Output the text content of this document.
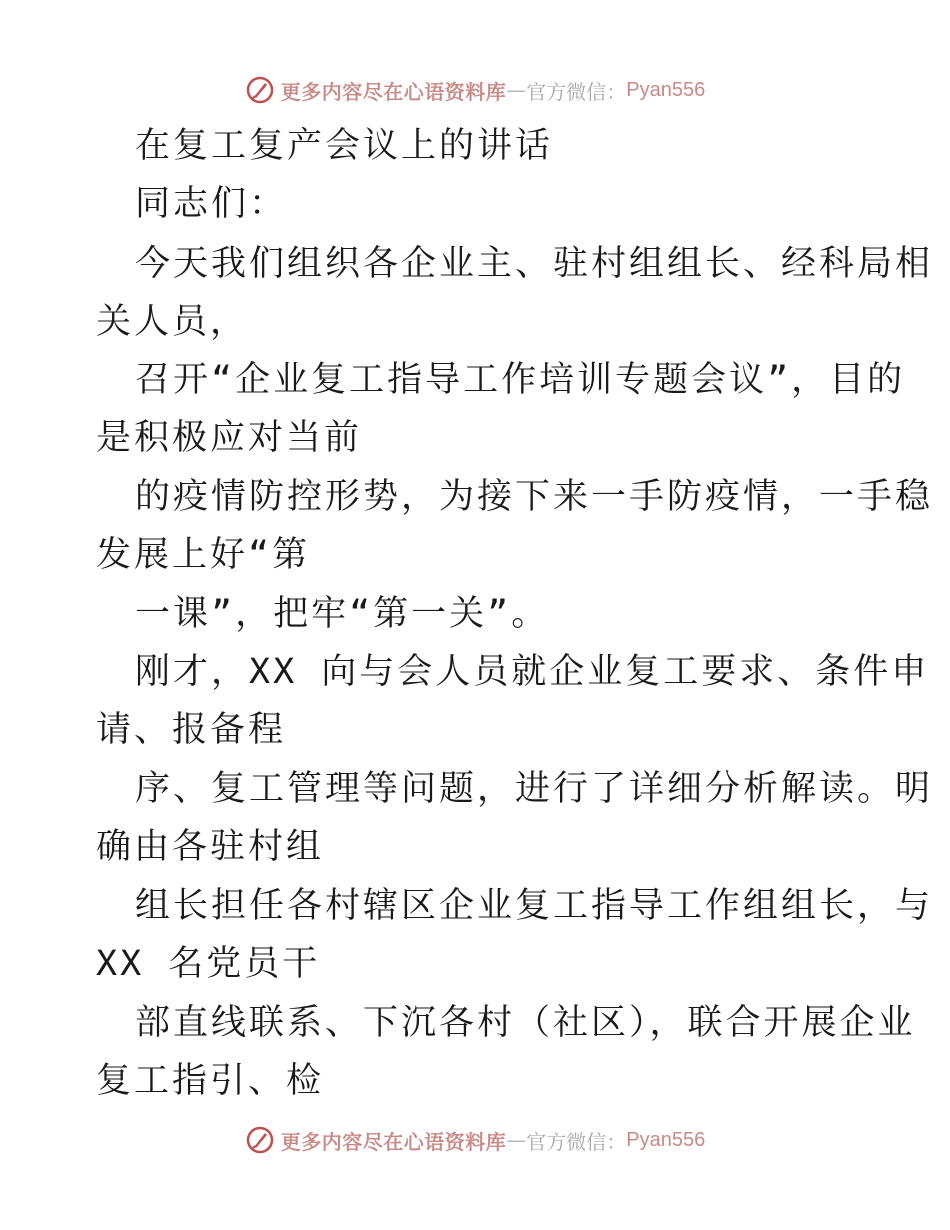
更多内容尽在心语资料库 — 官方微信： Pyan556
在复工复产会议上的讲话
同志们：
今天我们组织各企业主、驻村组组长、经科局相
关人员，
召开“企业复工指导工作培训专题会议”，目的
是积极应对当前
的疫情防控形势，为接下来一手防疫情，一手稳
发展上好“第
一课”，把牢“第一关”。
刚才，XX 向与会人员就企业复工要求、条件申
请、报备程
序、复工管理等问题，进行了详细分析解读。明
确由各驻村组
组长担任各村辖区企业复工指导工作组组长，与
XX 名党员干
部直线联系、下沉各村（社区），联合开展企业
复工指引、检
更多内容尽在心语资料库 — 官方微信： Pyan556
